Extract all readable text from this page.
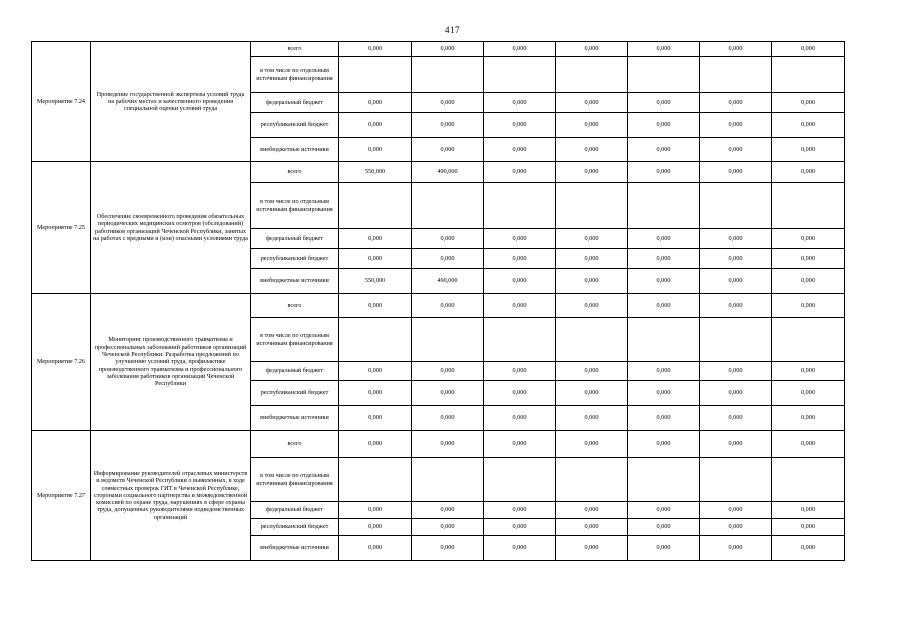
417
Мероприятие 7.24	Проведение государственной экспертизы условий труда на рабочих местах и качественного проведения специальной оценки условий труда	всего	0,000	0,000	0,000	0,000	0,000	0,000	0,000
		в том числе по отдельным источникам финансирования							
		федеральный бюджет	0,000	0,000	0,000	0,000	0,000	0,000	0,000
		республиканский бюджет	0,000	0,000	0,000	0,000	0,000	0,000	0,000
		внебюджетные источники	0,000	0,000	0,000	0,000	0,000	0,000	0,000
Мероприятие 7.25	Обеспечение своевременного проведения обязательных периодических медицинских осмотров (обследований) работников организаций Чеченской Республики, занятых на работах с вредными и (или) опасными условиями труда	всего	550,000	490,000	0,000	0,000	0,000	0,000	0,000
		в том числе по отдельным источникам финансирования							
		федеральный бюджет	0,000	0,000	0,000	0,000	0,000	0,000	0,000
		республиканский бюджет	0,000	0,000	0,000	0,000	0,000	0,000	0,000
		внебюджетные источники	550,000	490,000	0,000	0,000	0,000	0,000	0,000
Мероприятие 7.26	Мониторинг производственного травматизма и профессиональных заболеваний работников организаций Чеченской Республики. Разработка предложений по улучшению условий труда, профилактике производственного травматизма и профессионального заболевания работников организаций Чеченской Республики	всего	0,000	0,000	0,000	0,000	0,000	0,000	0,000
		в том числе по отдельным источникам финансирования							
		федеральный бюджет	0,000	0,000	0,000	0,000	0,000	0,000	0,000
		республиканский бюджет	0,000	0,000	0,000	0,000	0,000	0,000	0,000
		внебюджетные источники	0,000	0,000	0,000	0,000	0,000	0,000	0,000
Мероприятие 7.27	Информирование руководителей отраслевых министерств и ведомств Чеченской Республики о выявленных, в ходе совместных проверок ГИТ в Чеченской Республике, сторонами социального партнерства и межведомственной комиссией по охране труда, нарушениях в сфере охраны труда, допущенных руководителями подведомственных организаций	всего	0,000	0,000	0,000	0,000	0,000	0,000	0,000
		в том числе по отдельным источникам финансирования							
		федеральный бюджет	0,000	0,000	0,000	0,000	0,000	0,000	0,000
		республиканский бюджет	0,000	0,000	0,000	0,000	0,000	0,000	0,000
		внебюджетные источники	0,000	0,000	0,000	0,000	0,000	0,000	0,000
